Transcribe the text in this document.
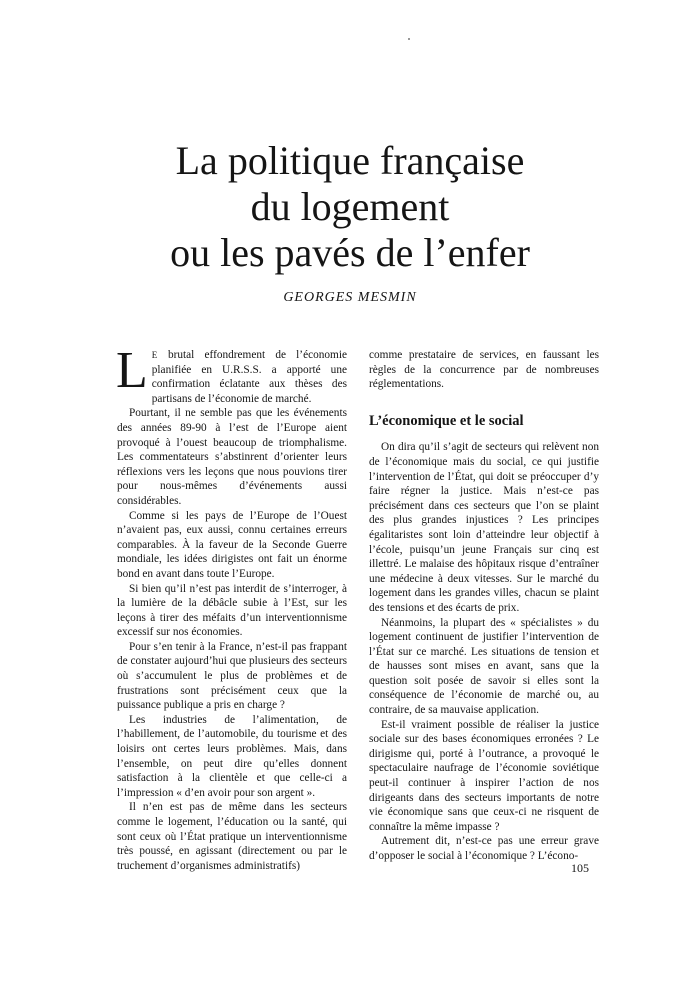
La politique française
du logement
ou les pavés de l’enfer

GEORGES MESMIN

L E brutal effondrement de l’économie planifiée en U.R.S.S. a apporté une confirmation éclatante aux thèses des partisans de l’économie de marché.

Pourtant, il ne semble pas que les événements des années 89-90 à l’est de l’Europe aient provoqué à l’ouest beaucoup de triomphalisme. Les commentateurs s’abstinrent d’orienter leurs réflexions vers les leçons que nous pouvions tirer pour nous-mêmes d’événements aussi considérables.

Comme si les pays de l’Europe de l’Ouest n’avaient pas, eux aussi, connu certaines erreurs comparables. À la faveur de la Seconde Guerre mondiale, les idées dirigistes ont fait un énorme bond en avant dans toute l’Europe.

Si bien qu’il n’est pas interdit de s’interroger, à la lumière de la débâcle subie à l’Est, sur les leçons à tirer des méfaits d’un interventionnisme excessif sur nos économies.

Pour s’en tenir à la France, n’est-il pas frappant de constater aujourd’hui que plusieurs des secteurs où s’accumulent le plus de problèmes et de frustrations sont précisément ceux que la puissance publique a pris en charge ?

Les industries de l’alimentation, de l’habillement, de l’automobile, du tourisme et des loisirs ont certes leurs problèmes. Mais, dans l’ensemble, on peut dire qu’elles donnent satisfaction à la clientèle et que celle-ci a l’impression « d’en avoir pour son argent ».

Il n’en est pas de même dans les secteurs comme le logement, l’éducation ou la santé, qui sont ceux où l’État pratique un interventionnisme très poussé, en agissant (directement ou par le truchement d’organismes administratifs)

comme prestataire de services, en faussant les règles de la concurrence par de nombreuses réglementations.

L’économique et le social

On dira qu’il s’agit de secteurs qui relèvent non de l’économique mais du social, ce qui justifie l’intervention de l’État, qui doit se préoccuper d’y faire régner la justice. Mais n’est-ce pas précisément dans ces secteurs que l’on se plaint des plus grandes injustices ? Les principes égalitaristes sont loin d’atteindre leur objectif à l’école, puisqu’un jeune Français sur cinq est illettré. Le malaise des hôpitaux risque d’entraîner une médecine à deux vitesses. Sur le marché du logement dans les grandes villes, chacun se plaint des tensions et des écarts de prix.

Néanmoins, la plupart des « spécialistes » du logement continuent de justifier l’intervention de l’État sur ce marché. Les situations de tension et de hausses sont mises en avant, sans que la question soit posée de savoir si elles sont la conséquence de l’économie de marché ou, au contraire, de sa mauvaise application.

Est-il vraiment possible de réaliser la justice sociale sur des bases économiques erronées ? Le dirigisme qui, porté à l’outrance, a provoqué le spectaculaire naufrage de l’économie soviétique peut-il continuer à inspirer l’action de nos dirigeants dans des secteurs importants de notre vie économique sans que ceux-ci ne risquent de connaître la même impasse ?

Autrement dit, n’est-ce pas une erreur grave d’opposer le social à l’économique ? L’écono-

105
